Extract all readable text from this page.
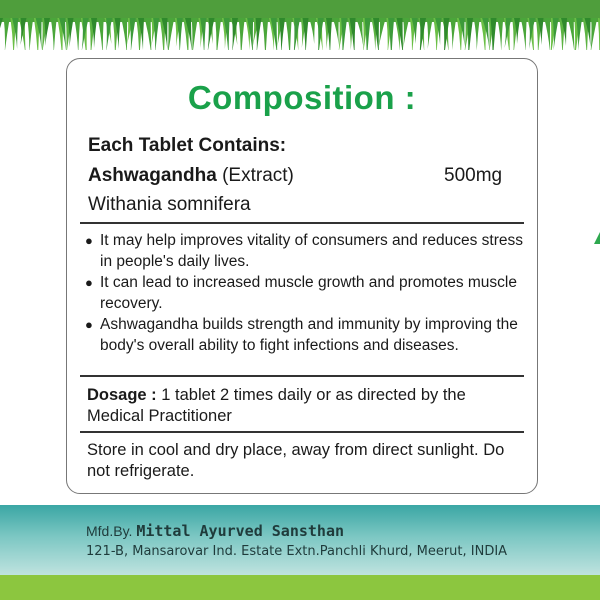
Composition :
Each Tablet Contains:
Ashwagandha (Extract)	500mg
Withania somnifera
● It may help improves vitality of consumers and reduces stress in people's daily lives.
● It can lead to increased muscle growth and promotes muscle recovery.
● Ashwagandha builds strength and immunity by improving the body's overall ability to fight infections and diseases.
Dosage : 1 tablet 2 times daily or as directed by the Medical Practitioner
Store in cool and dry place, away from direct sunlight. Do not refrigerate.
Mfd.By. Mittal Ayurved Sansthan
121-B, Mansarovar Ind. Estate Extn.Panchli Khurd, Meerut, INDIA
